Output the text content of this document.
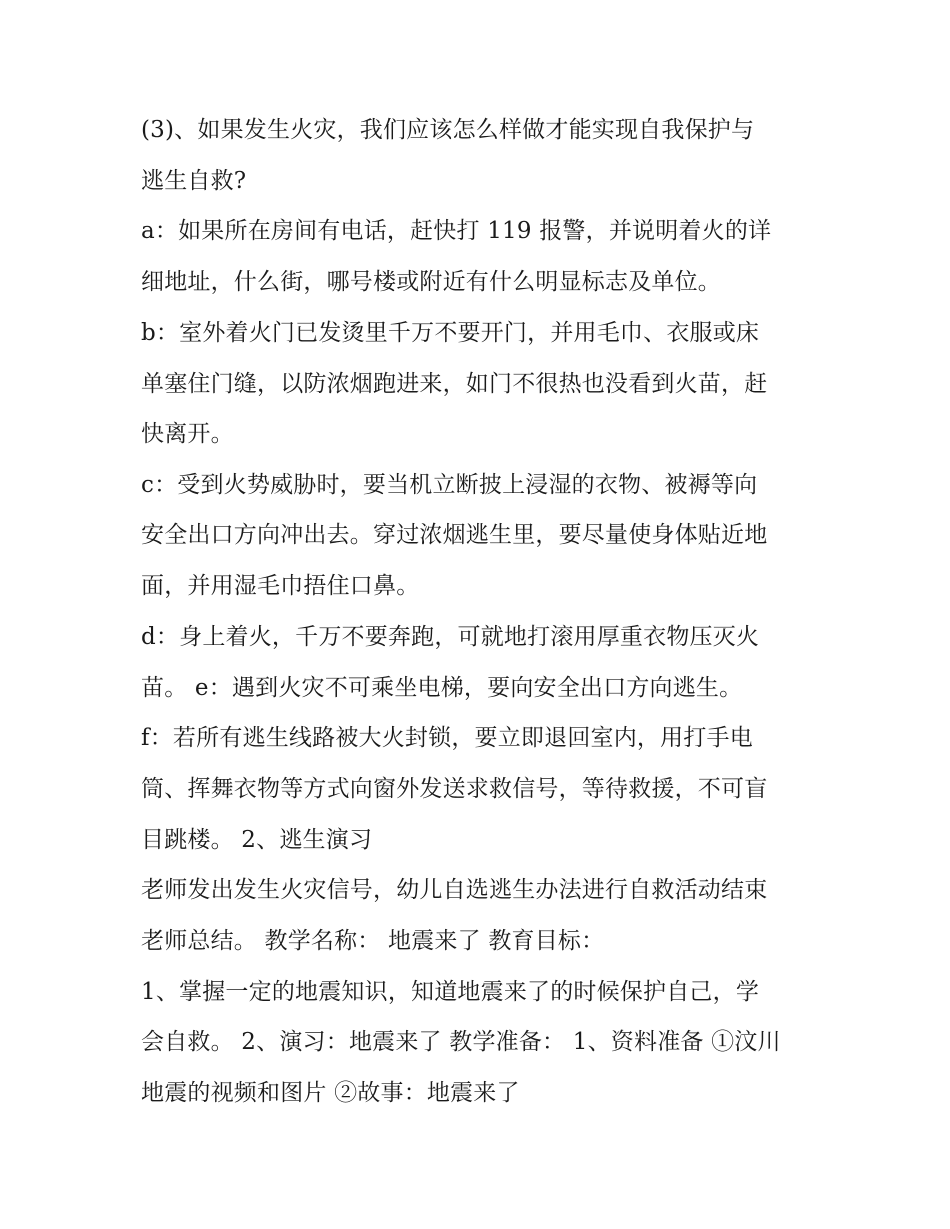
(3)、如果发生火灾，我们应该怎么样做才能实现自我保护与
逃生自救?
a：如果所在房间有电话，赶快打 119 报警，并说明着火的详
细地址，什么街，哪号楼或附近有什么明显标志及单位。
b：室外着火门已发烫里千万不要开门，并用毛巾、衣服或床
单塞住门缝，以防浓烟跑进来，如门不很热也没看到火苗，赶
快离开。
c：受到火势威胁时，要当机立断披上浸湿的衣物、被褥等向
安全出口方向冲出去。穿过浓烟逃生里，要尽量使身体贴近地
面，并用湿毛巾捂住口鼻。
d：身上着火，千万不要奔跑，可就地打滚用厚重衣物压灭火
苗。 e：遇到火灾不可乘坐电梯，要向安全出口方向逃生。
f：若所有逃生线路被大火封锁，要立即退回室内，用打手电
筒、挥舞衣物等方式向窗外发送求救信号，等待救援，不可盲
目跳楼。 2、逃生演习
老师发出发生火灾信号，幼儿自选逃生办法进行自救活动结束
老师总结。 教学名称： 地震来了 教育目标：
1、掌握一定的地震知识，知道地震来了的时候保护自己，学
会自救。 2、演习：地震来了 教学准备： 1、资料准备 ①汶川
地震的视频和图片 ②故事：地震来了
